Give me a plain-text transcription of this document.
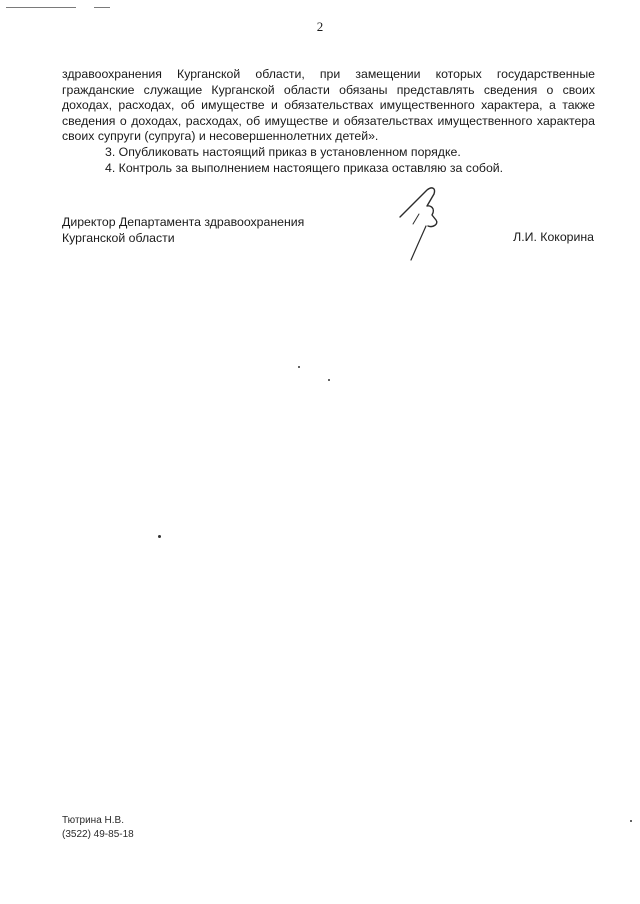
2

здравоохранения Курганской области, при замещении которых государственные гражданские служащие Курганской области обязаны представлять сведения о своих доходах, расходах, об имуществе и обязательствах имущественного характера, а также сведения о доходах, расходах, об имуществе и обязательствах имущественного характера своих супруги (супруга) и несовершеннолетних детей».

3. Опубликовать настоящий приказ в установленном порядке.

4. Контроль за выполнением настоящего приказа оставляю за собой.

Директор Департамента здравоохранения
Курганской области	Л.И. Кокорина
Тютрина Н.В.
(3522) 49-85-18
